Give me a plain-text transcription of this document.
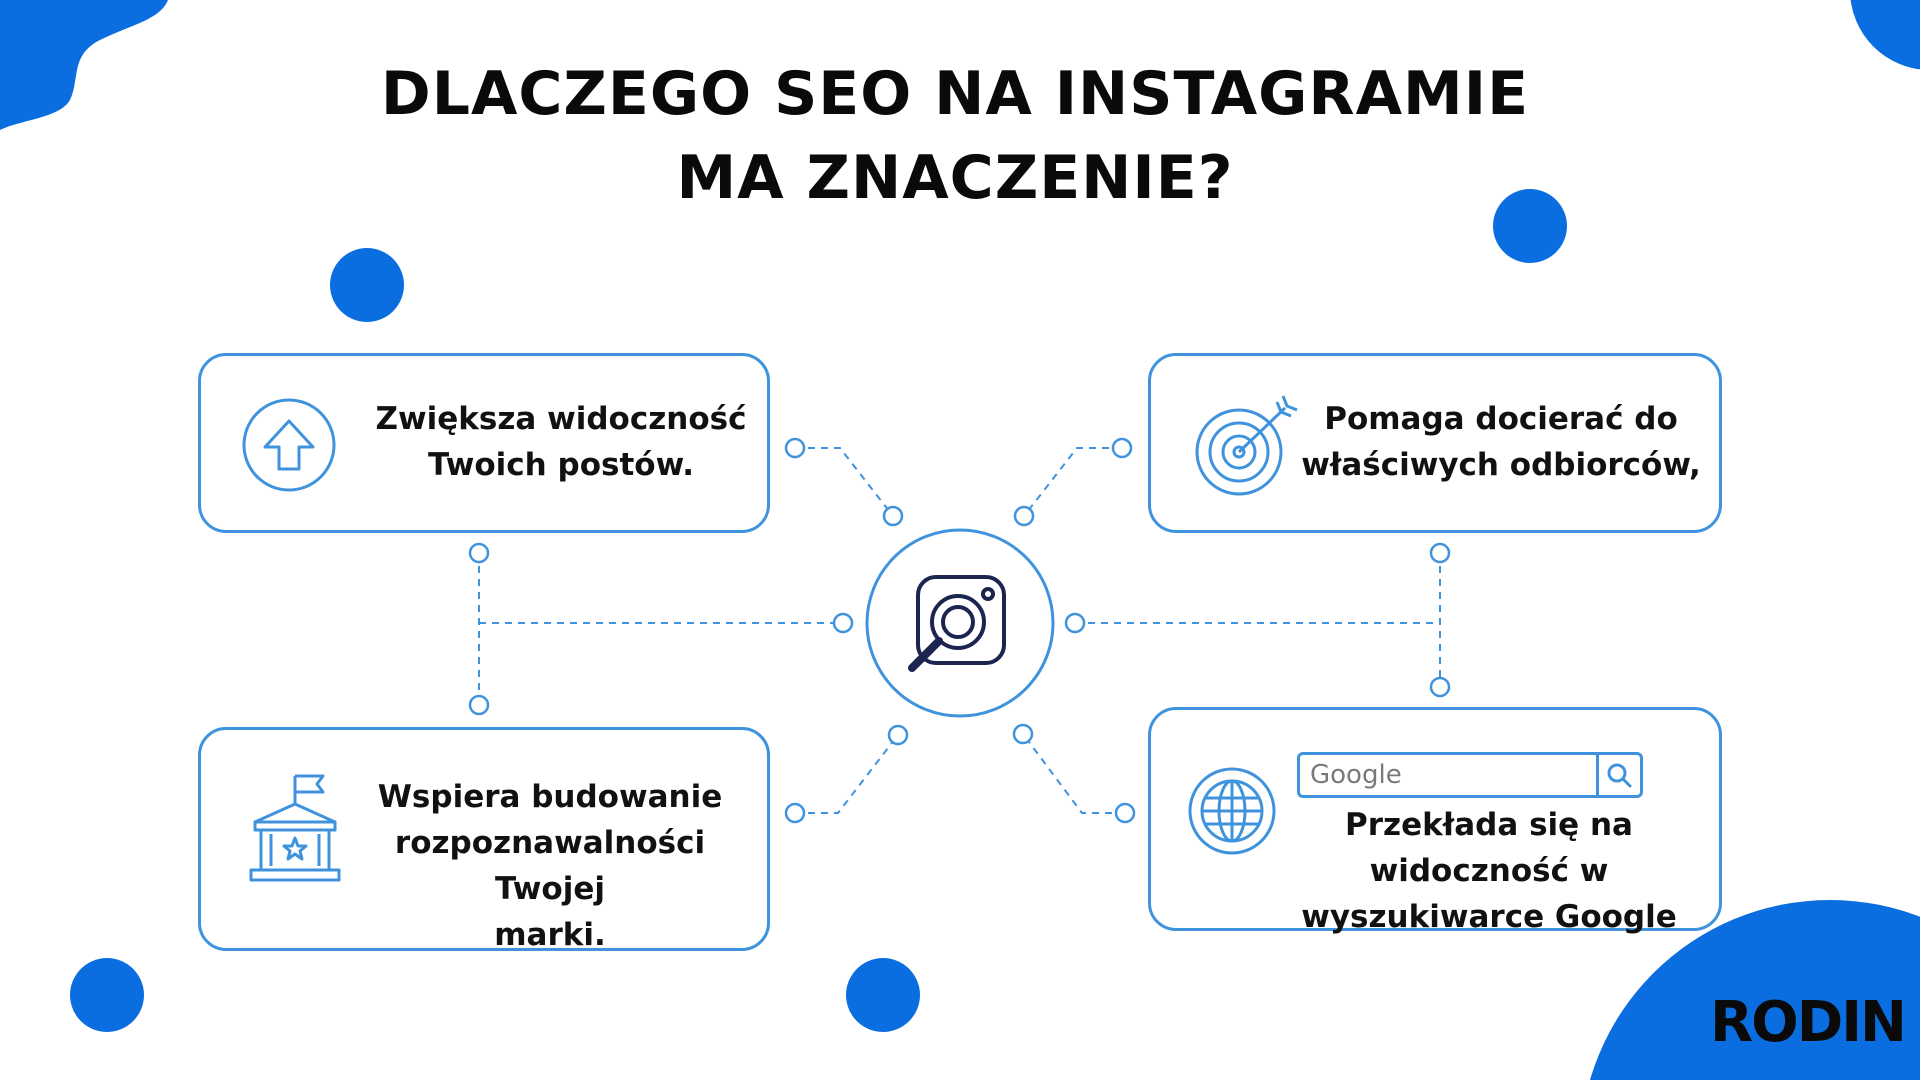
DLACZEGO SEO NA INSTAGRAMIE
MA ZNACZENIE?
Zwiększa widoczność
Twoich postów.
Pomaga docierać do
właściwych odbiorców,
Wspiera budowanie
rozpoznawalności Twojej
marki.
Przekłada się na
widoczność w
wyszukiwarce Google
Google
RODIN
